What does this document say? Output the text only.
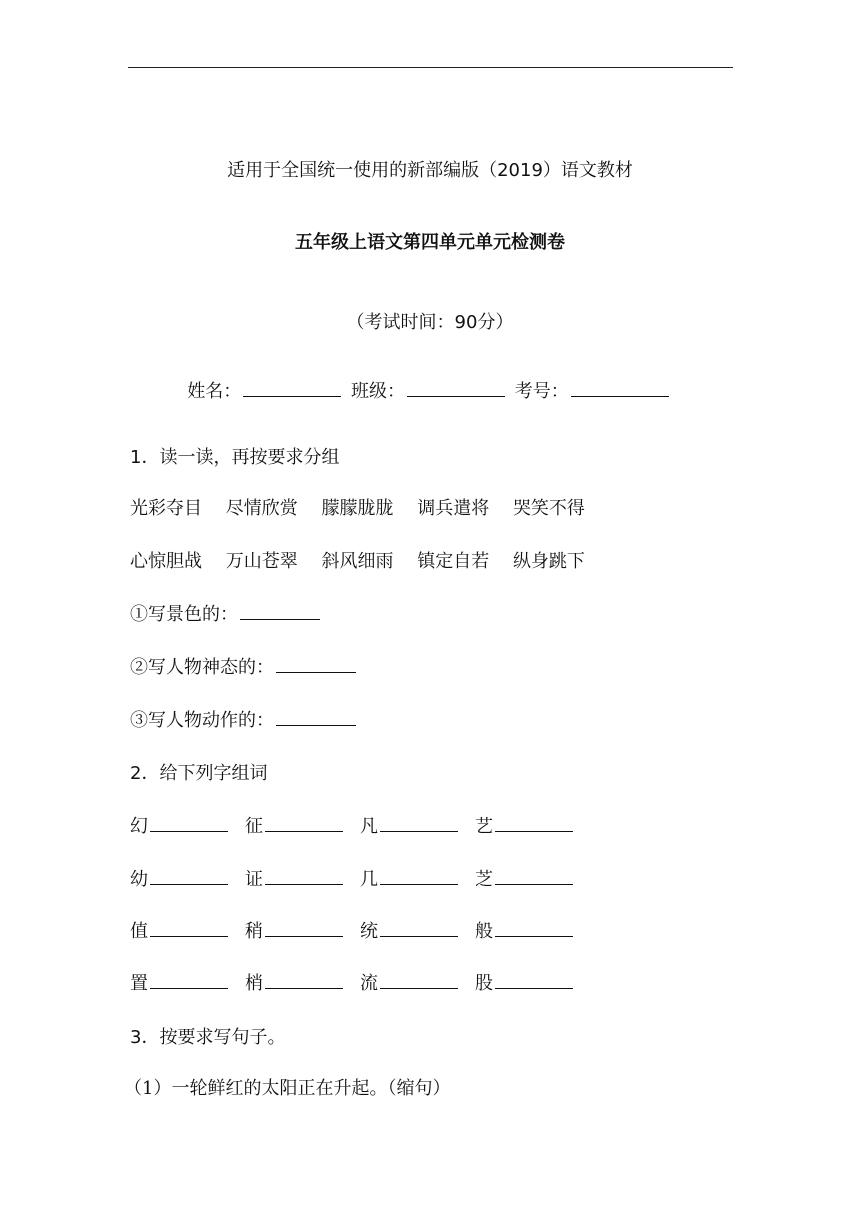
适用于全国统一使用的新部编版（2019）语文教材
五年级上语文第四单元单元检测卷
（考试时间：90分）
姓名：	班级：	考号：
1．读一读，再按要求分组
光彩夺目 尽情欣赏 朦朦胧胧 调兵遣将 哭笑不得
心惊胆战 万山苍翠 斜风细雨 镇定自若 纵身跳下
①写景色的：
②写人物神态的：
③写人物动作的：
2．给下列字组词
幻	征	凡	艺
幼	证	几	芝
值	稍	统	般
置	梢	流	股
3．按要求写句子。
（1）一轮鲜红的太阳正在升起。（缩句）
